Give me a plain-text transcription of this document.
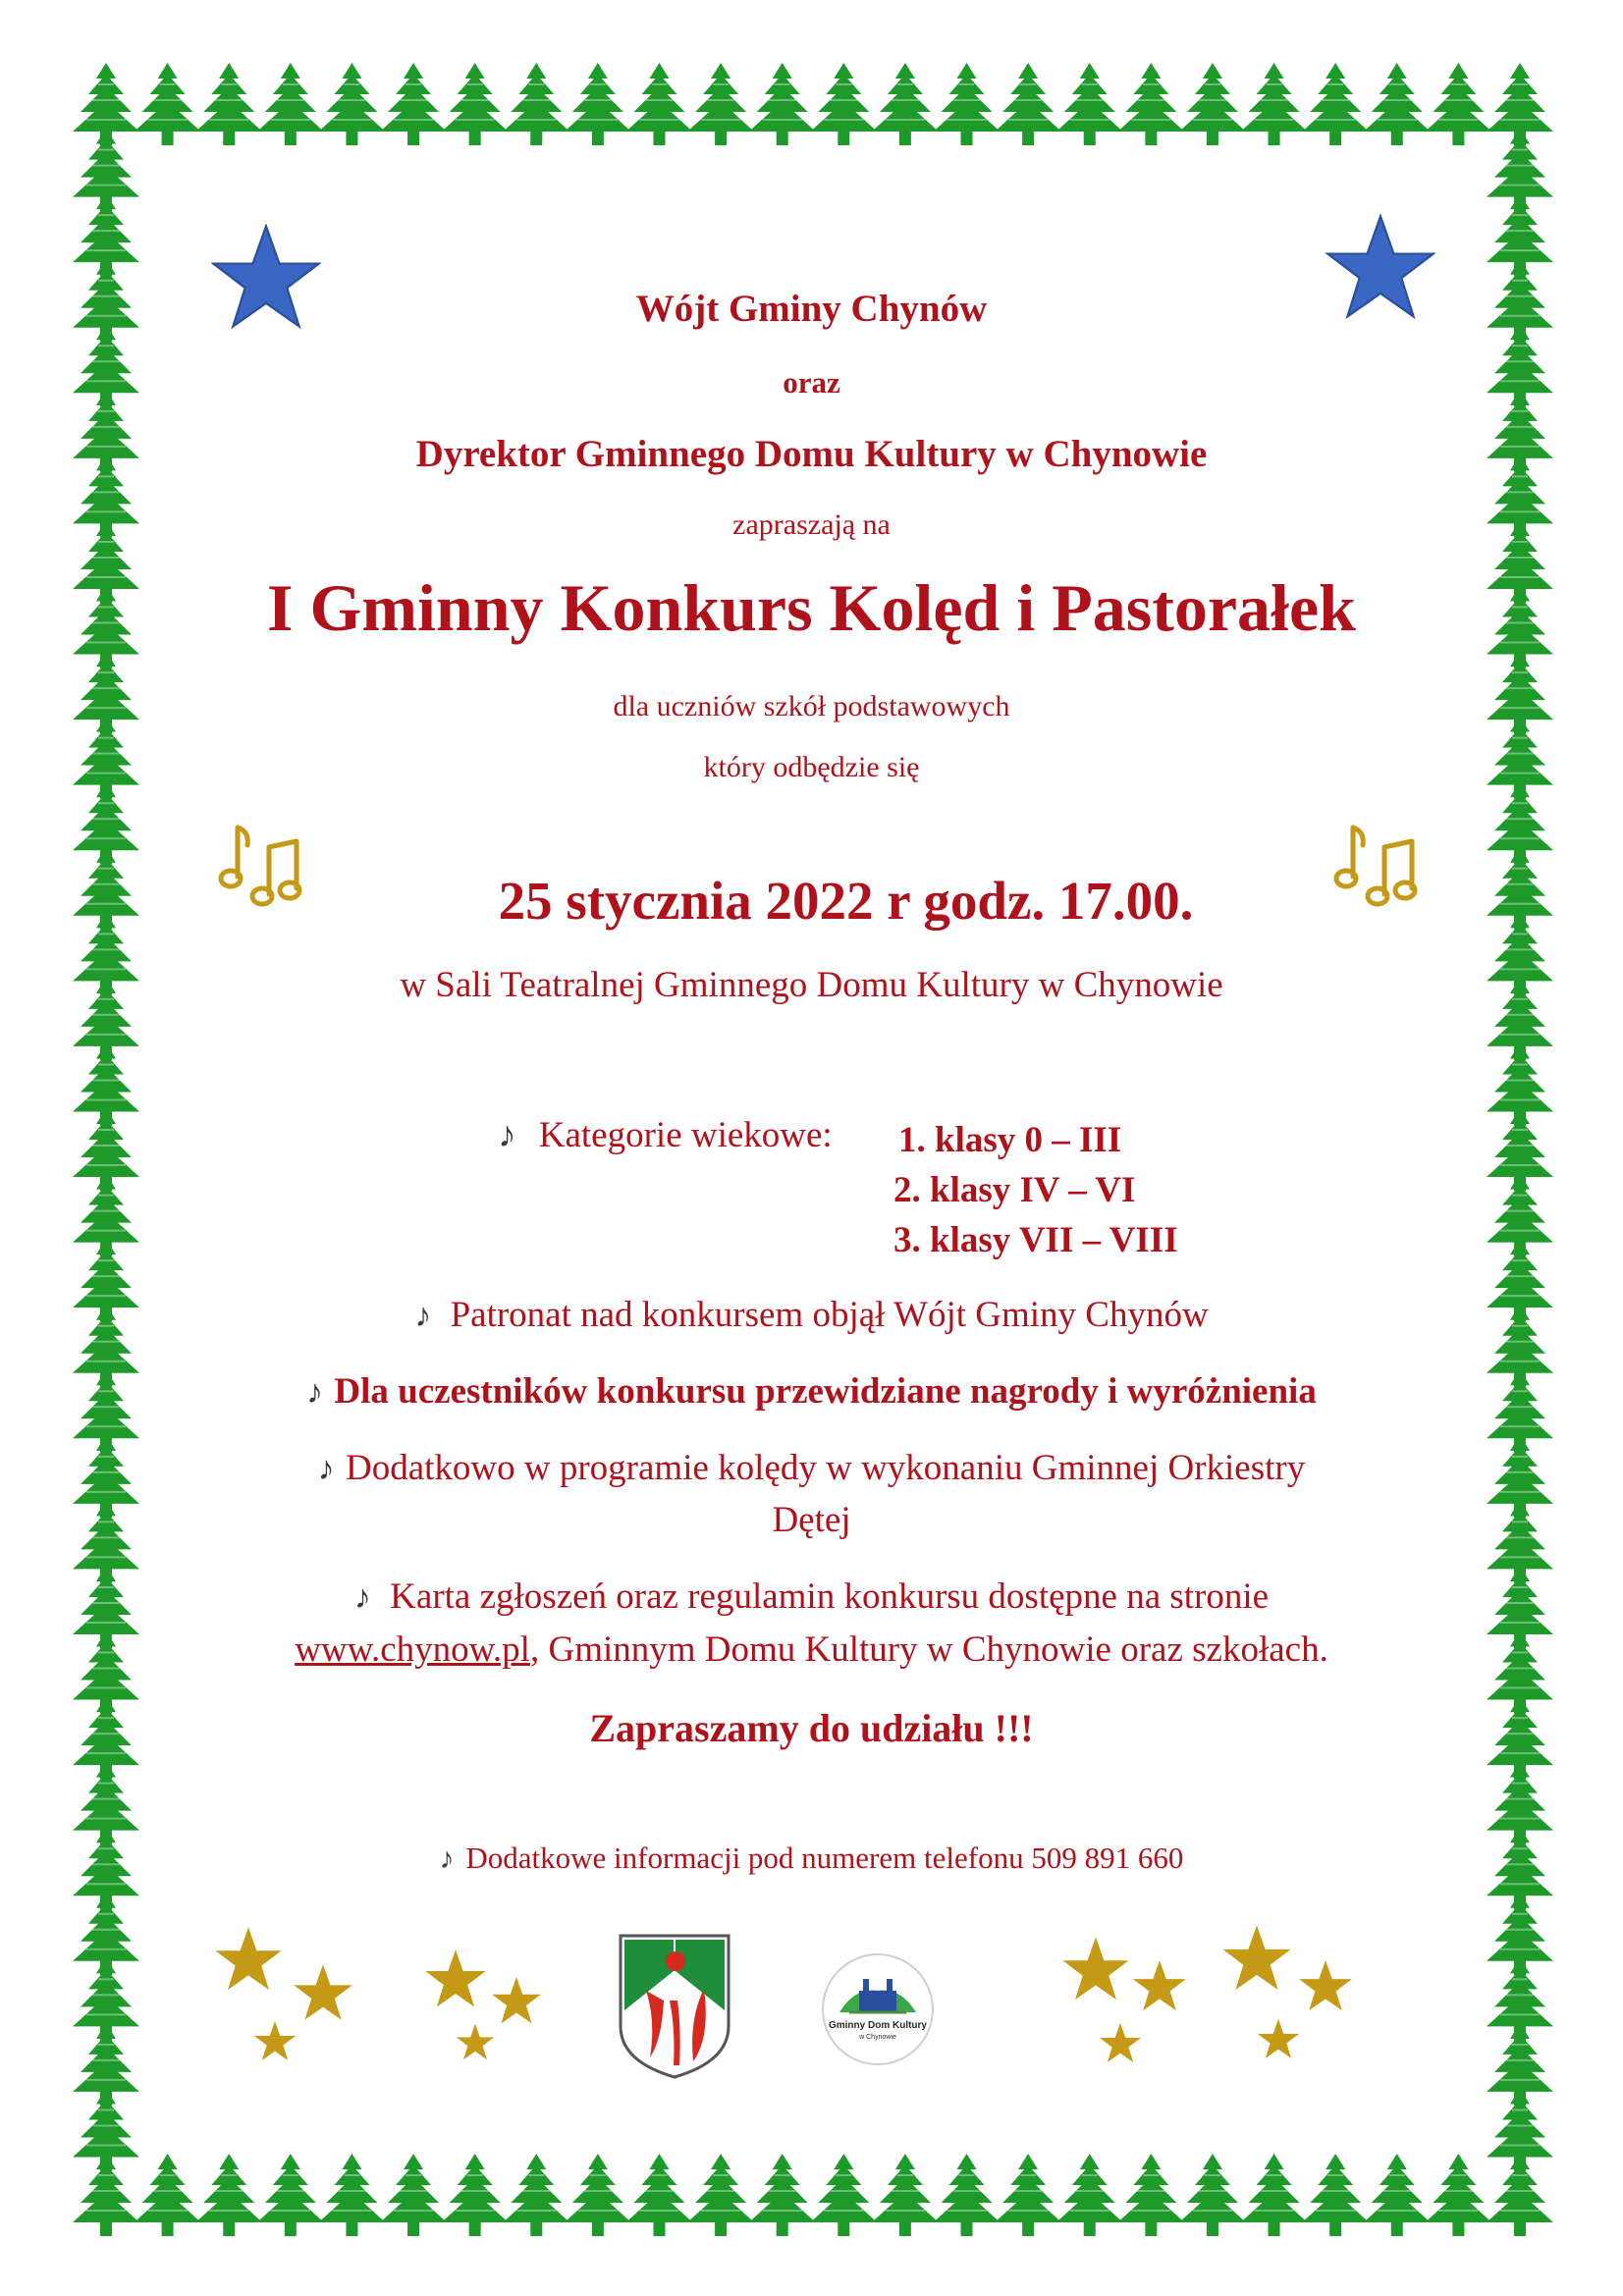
Wójt Gminy Chynów
oraz
Dyrektor Gminnego Domu Kultury w Chynowie
zapraszają na
I Gminny Konkurs Kolęd i Pastorałek
dla uczniów szkół podstawowych
który odbędzie się
25 stycznia 2022 r godz. 17.00.
w Sali Teatralnej Gminnego Domu Kultury w Chynowie
♪ Kategorie wiekowe: 1. klasy 0 – III
2. klasy IV – VI
3. klasy VII – VIII
♪ Patronat nad konkursem objął Wójt Gminy Chynów
♪ Dla uczestników konkursu przewidziane nagrody i wyróżnienia
♪ Dodatkowo w programie kolędy w wykonaniu Gminnej Orkiestry
Dętej
♪ Karta zgłoszeń oraz regulamin konkursu dostępne na stronie
www.chynow.pl, Gminnym Domu Kultury w Chynowie oraz szkołach.
Zapraszamy do udziału !!!
♪ Dodatkowe informacji pod numerem telefonu 509 891 660
Gminny Dom Kultury
w Chynowie
